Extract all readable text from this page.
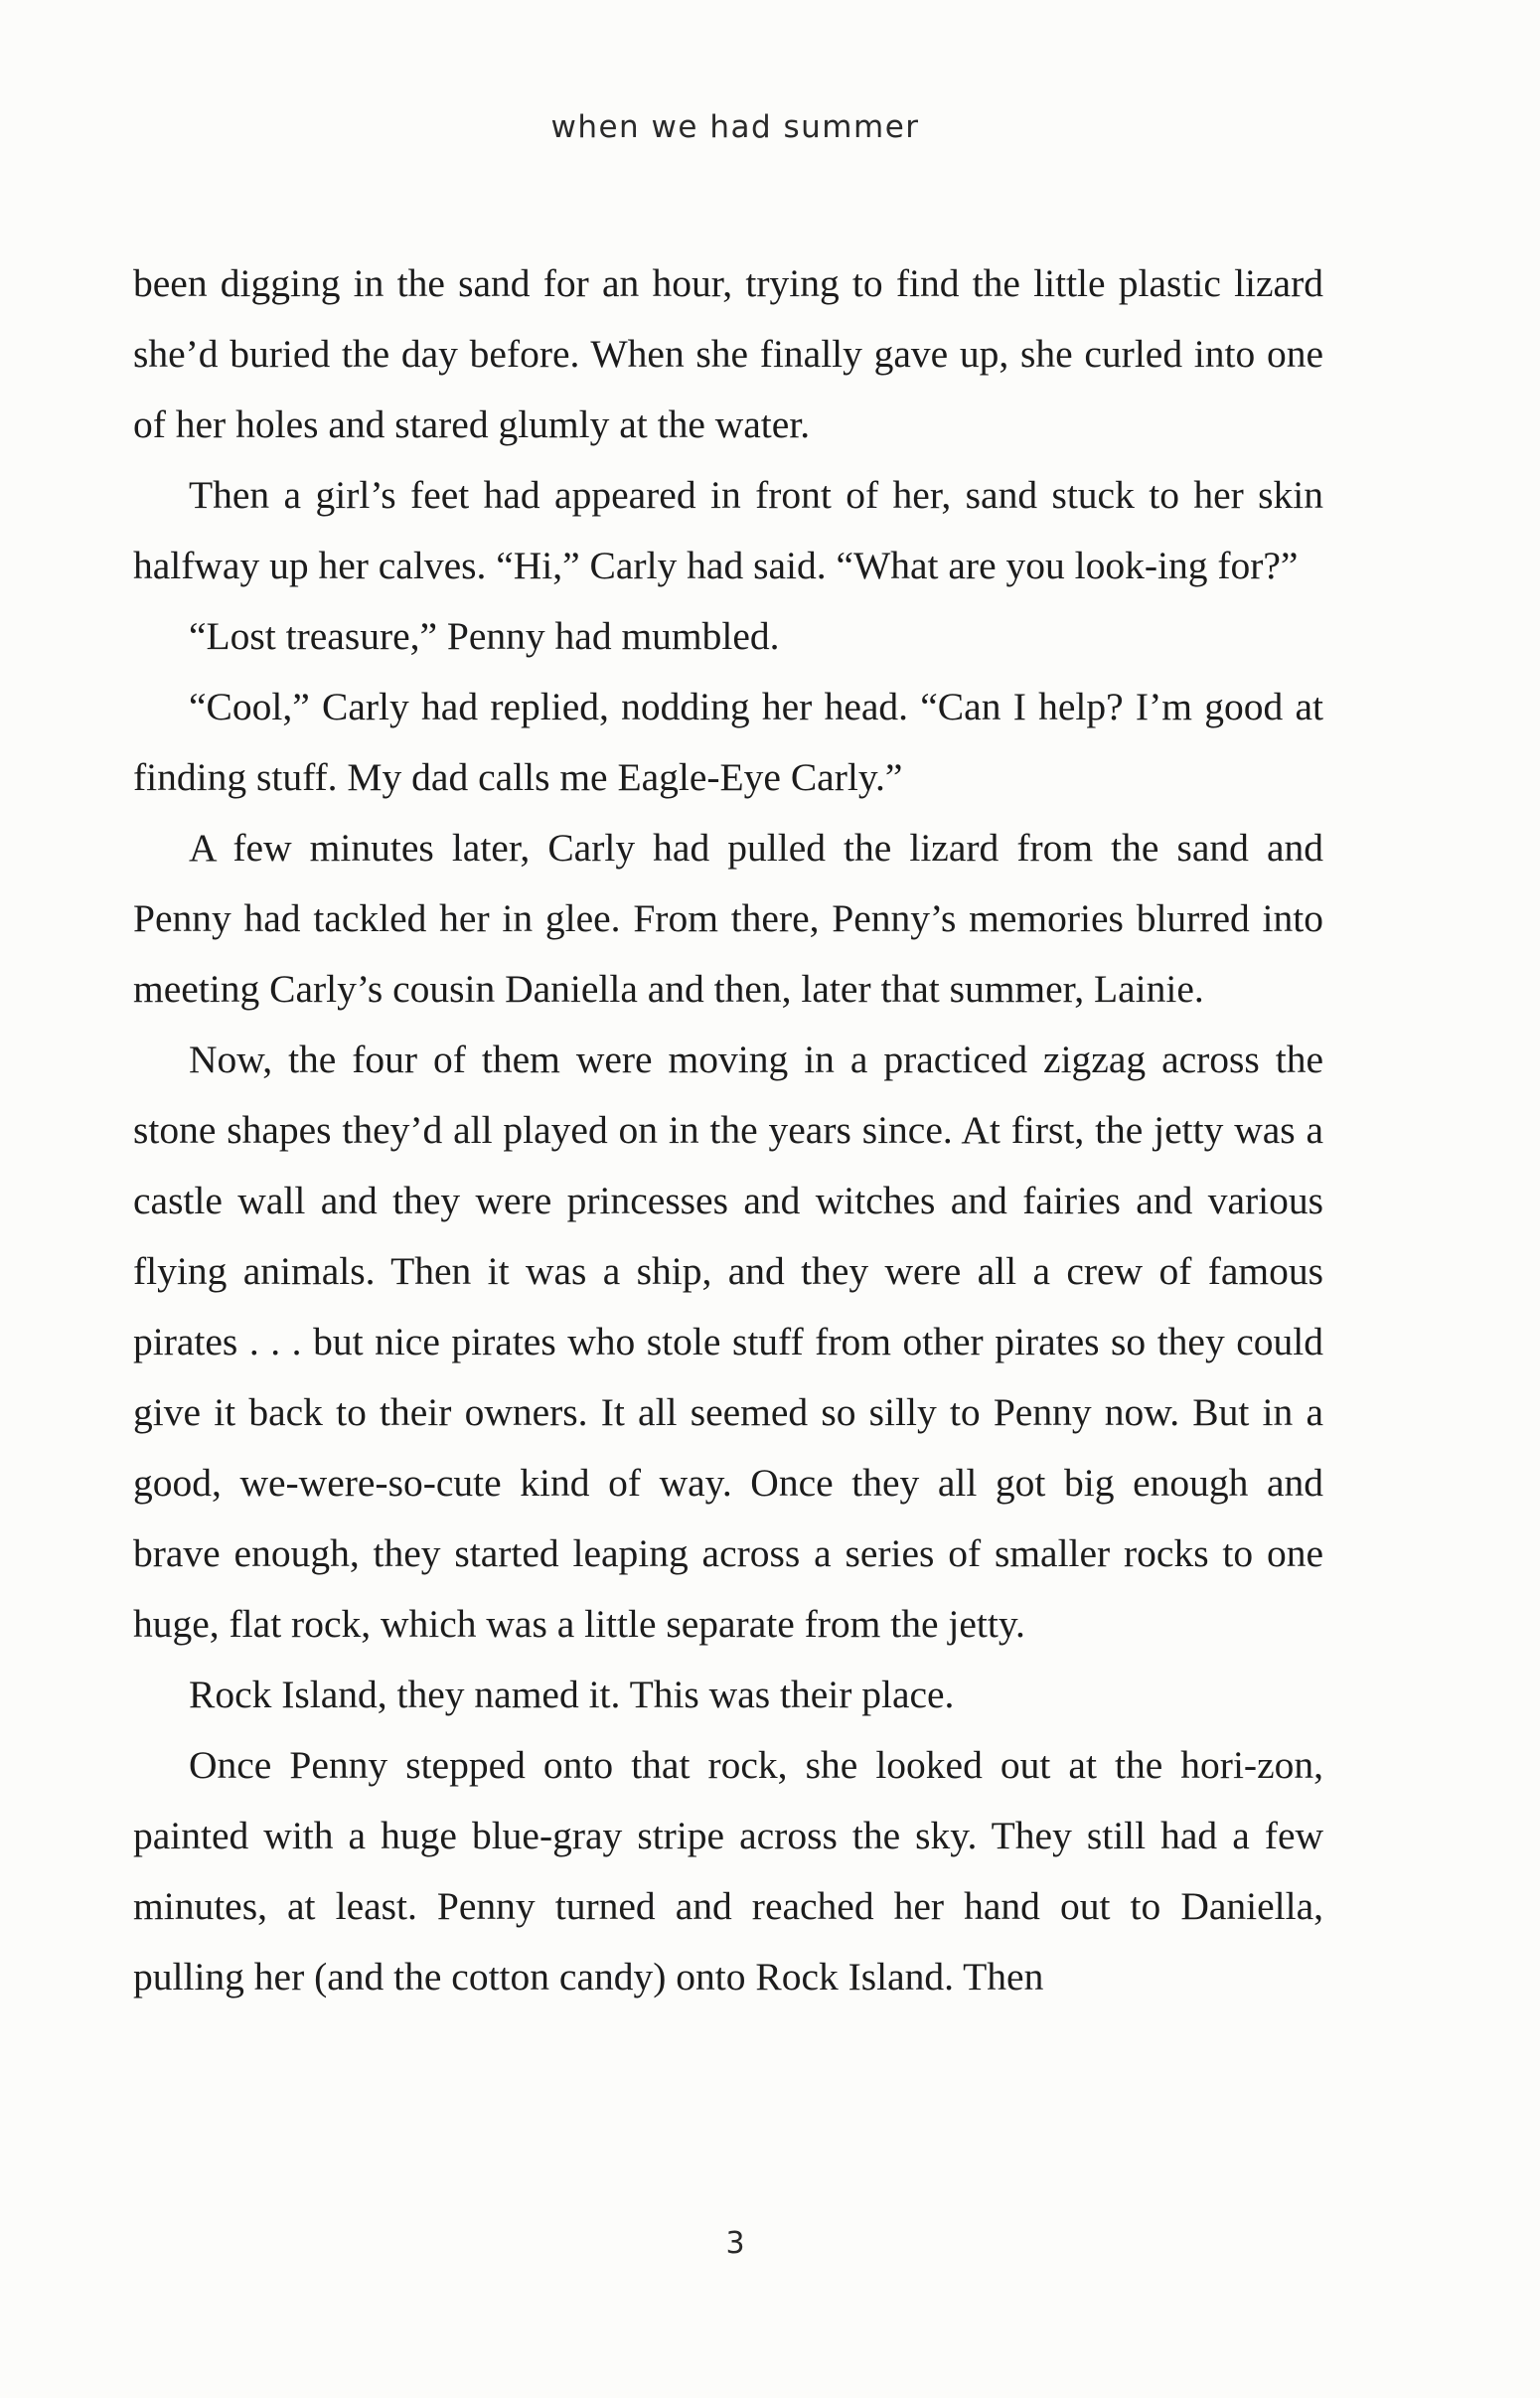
when we had summer

been digging in the sand for an hour, trying to find the little plastic lizard she’d buried the day before. When she finally gave up, she curled into one of her holes and stared glumly at the water.

Then a girl’s feet had appeared in front of her, sand stuck to her skin halfway up her calves. “Hi,” Carly had said. “What are you look-ing for?”

“Lost treasure,” Penny had mumbled.

“Cool,” Carly had replied, nodding her head. “Can I help? I’m good at finding stuff. My dad calls me Eagle-Eye Carly.”

A few minutes later, Carly had pulled the lizard from the sand and Penny had tackled her in glee. From there, Penny’s memories blurred into meeting Carly’s cousin Daniella and then, later that summer, Lainie.

Now, the four of them were moving in a practiced zigzag across the stone shapes they’d all played on in the years since. At first, the jetty was a castle wall and they were princesses and witches and fairies and various flying animals. Then it was a ship, and they were all a crew of famous pirates . . . but nice pirates who stole stuff from other pirates so they could give it back to their owners. It all seemed so silly to Penny now. But in a good, we-were-so-cute kind of way. Once they all got big enough and brave enough, they started leaping across a series of smaller rocks to one huge, flat rock, which was a little separate from the jetty.

Rock Island, they named it. This was their place.

Once Penny stepped onto that rock, she looked out at the hori-zon, painted with a huge blue-gray stripe across the sky. They still had a few minutes, at least. Penny turned and reached her hand out to Daniella, pulling her (and the cotton candy) onto Rock Island. Then

3
